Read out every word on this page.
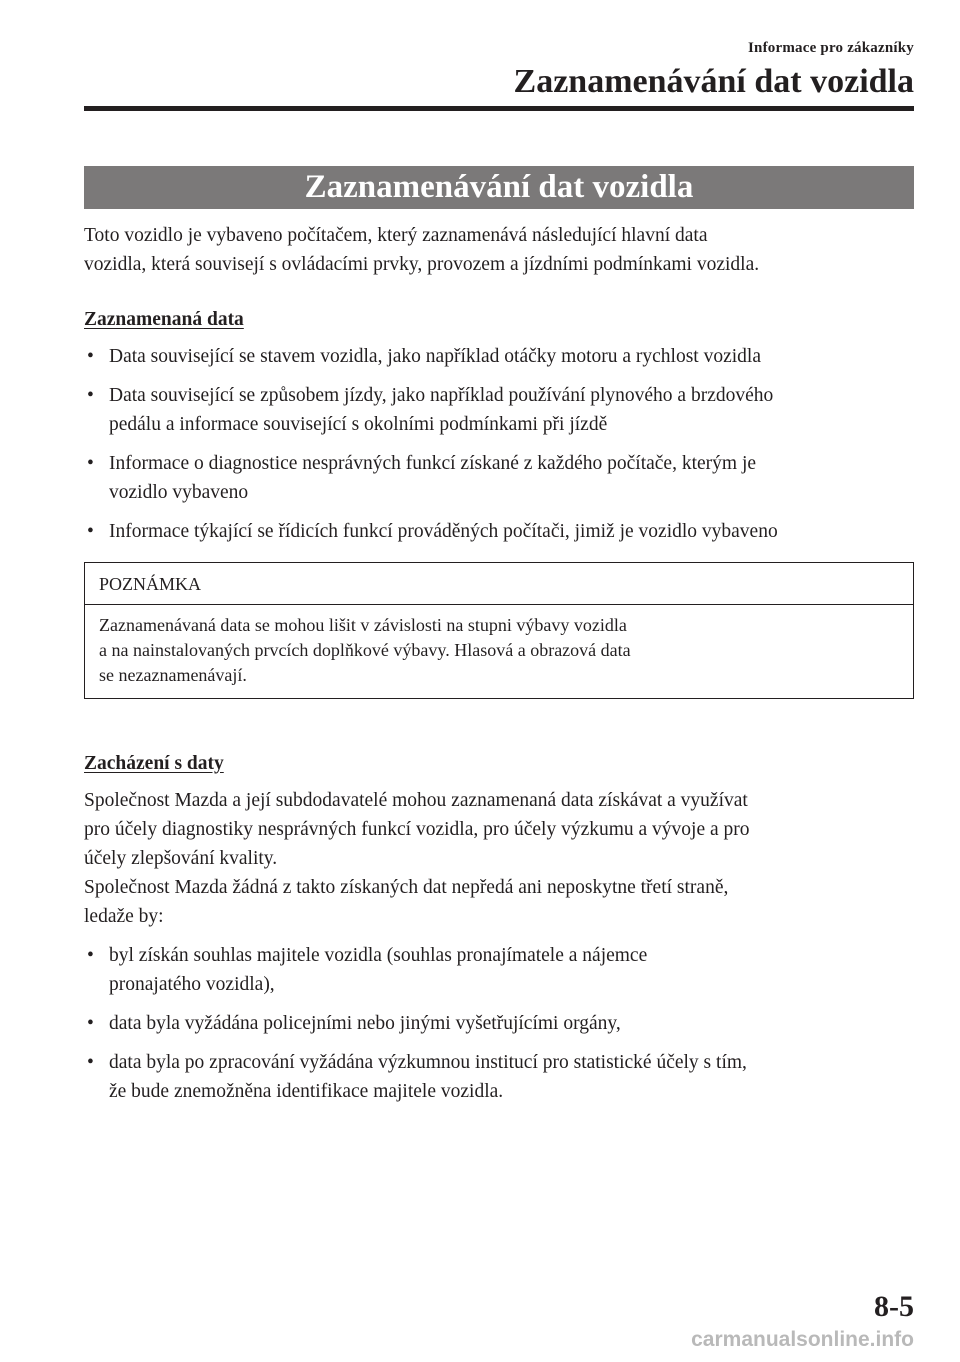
Informace pro zákazníky
Zaznamenávání dat vozidla
Zaznamenávání dat vozidla

Toto vozidlo je vybaveno počítačem, který zaznamenává následující hlavní data
vozidla, která souvisejí s ovládacími prvky, provozem a jízdními podmínkami vozidla.

Zaznamenaná data

• Data související se stavem vozidla, jako například otáčky motoru a rychlost vozidla
• Data související se způsobem jízdy, jako například používání plynového a brzdového
pedálu a informace související s okolními podmínkami při jízdě
• Informace o diagnostice nesprávných funkcí získané z každého počítače, kterým je
vozidlo vybaveno
• Informace týkající se řídicích funkcí prováděných počítači, jimiž je vozidlo vybaveno
POZNÁMKA
Zaznamenávaná data se mohou lišit v závislosti na stupni výbavy vozidla
a na nainstalovaných prvcích doplňkové výbavy. Hlasová a obrazová data
se nezaznamenávají.

Zacházení s daty

Společnost Mazda a její subdodavatelé mohou zaznamenaná data získávat a využívat
pro účely diagnostiky nesprávných funkcí vozidla, pro účely výzkumu a vývoje a pro
účely zlepšování kvality.
Společnost Mazda žádná z takto získaných dat nepředá ani neposkytne třetí straně,
ledaže by:

• byl získán souhlas majitele vozidla (souhlas pronajímatele a nájemce
pronajatého vozidla),
• data byla vyžádána policejními nebo jinými vyšetřujícími orgány,
• data byla po zpracování vyžádána výzkumnou institucí pro statistické účely s tím,
že bude znemožněna identifikace majitele vozidla.
8-5
carmanualsonline.info
